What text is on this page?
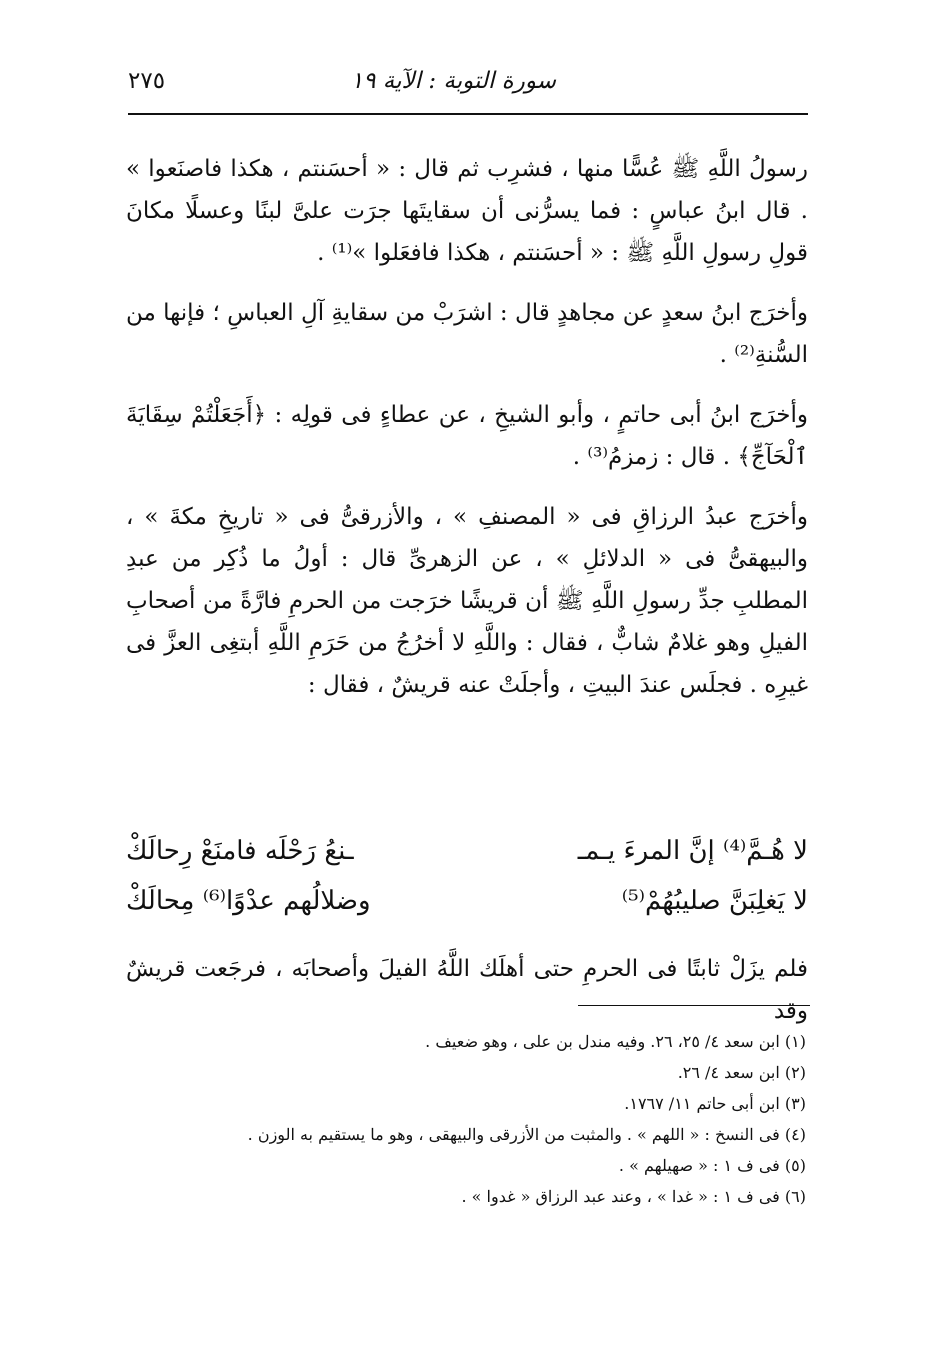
سورة التوبة : الآية ١٩
٢٧٥

رسولُ اللَّهِ ﷺ عُسًّا منها ، فشرِب ثم قال : « أحسَنتم ، هكذا فاصنَعوا » . قال ابنُ عباسٍ : فما يسرُّنى أن سقايتَها جرَت علىَّ لبنًا وعسلًا مكانَ قولِ رسولِ اللَّهِ ﷺ : « أحسَنتم ، هكذا فافعَلوا »⁽¹⁾ .

وأخرَج ابنُ سعدٍ عن مجاهدٍ قال : اشرَبْ من سقايةِ آلِ العباسِ ؛ فإنها من السُّنةِ⁽²⁾ .

وأخرَج ابنُ أبى حاتمٍ ، وأبو الشيخِ ، عن عطاءٍ فى قولِه : ﴿أَجَعَلْتُمْ سِقَايَةَ ٱلْحَآجِّ﴾ . قال : زمزمُ⁽³⁾ .

وأخرَج عبدُ الرزاقِ فى « المصنفِ » ، والأزرقىُّ فى « تاريخِ مكةَ » ، والبيهقىُّ فى « الدلائلِ » ، عن الزهرىِّ قال : أولُ ما ذُكِر من عبدِ المطلبِ جدِّ رسولِ اللَّهِ ﷺ أن قريشًا خرَجت من الحرمِ فارَّةً من أصحابِ الفيلِ وهو غلامٌ شابٌّ ، فقال : واللَّهِ لا أخرُجُ من حَرَمِ اللَّهِ أبتغِى العزَّ فى غيرِه . فجلَس عندَ البيتِ ، وأجلَتْ عنه قريشٌ ، فقال :

لا هُـمَّ⁽⁴⁾ إنَّ المرءَ يـمـ
ـنعُ رَحْلَه فامنَعْ رِحالَكْ
لا يَغلِبَنَّ صليبُهُمْ⁽⁵⁾
وضلالُهم عدْوًا⁽⁶⁾ مِحالَكْ
فلم يزَلْ ثابتًا فى الحرمِ حتى أهلَك اللَّهُ الفيلَ وأصحابَه ، فرجَعت قريشٌ وقد
(١) ابن سعد ٤/ ٢٥، ٢٦. وفيه مندل بن على ، وهو ضعيف .
(٢) ابن سعد ٤/ ٢٦.
(٣) ابن أبى حاتم ١١/ ١٧٦٧.
(٤) فى النسخ : « اللهم » . والمثبت من الأزرقى والبيهقى ، وهو ما يستقيم به الوزن .
(٥) فى ف ١ : « صهيلهم » .
(٦) فى ف ١ : « غدا » ، وعند عبد الرزاق « غدوا » .
